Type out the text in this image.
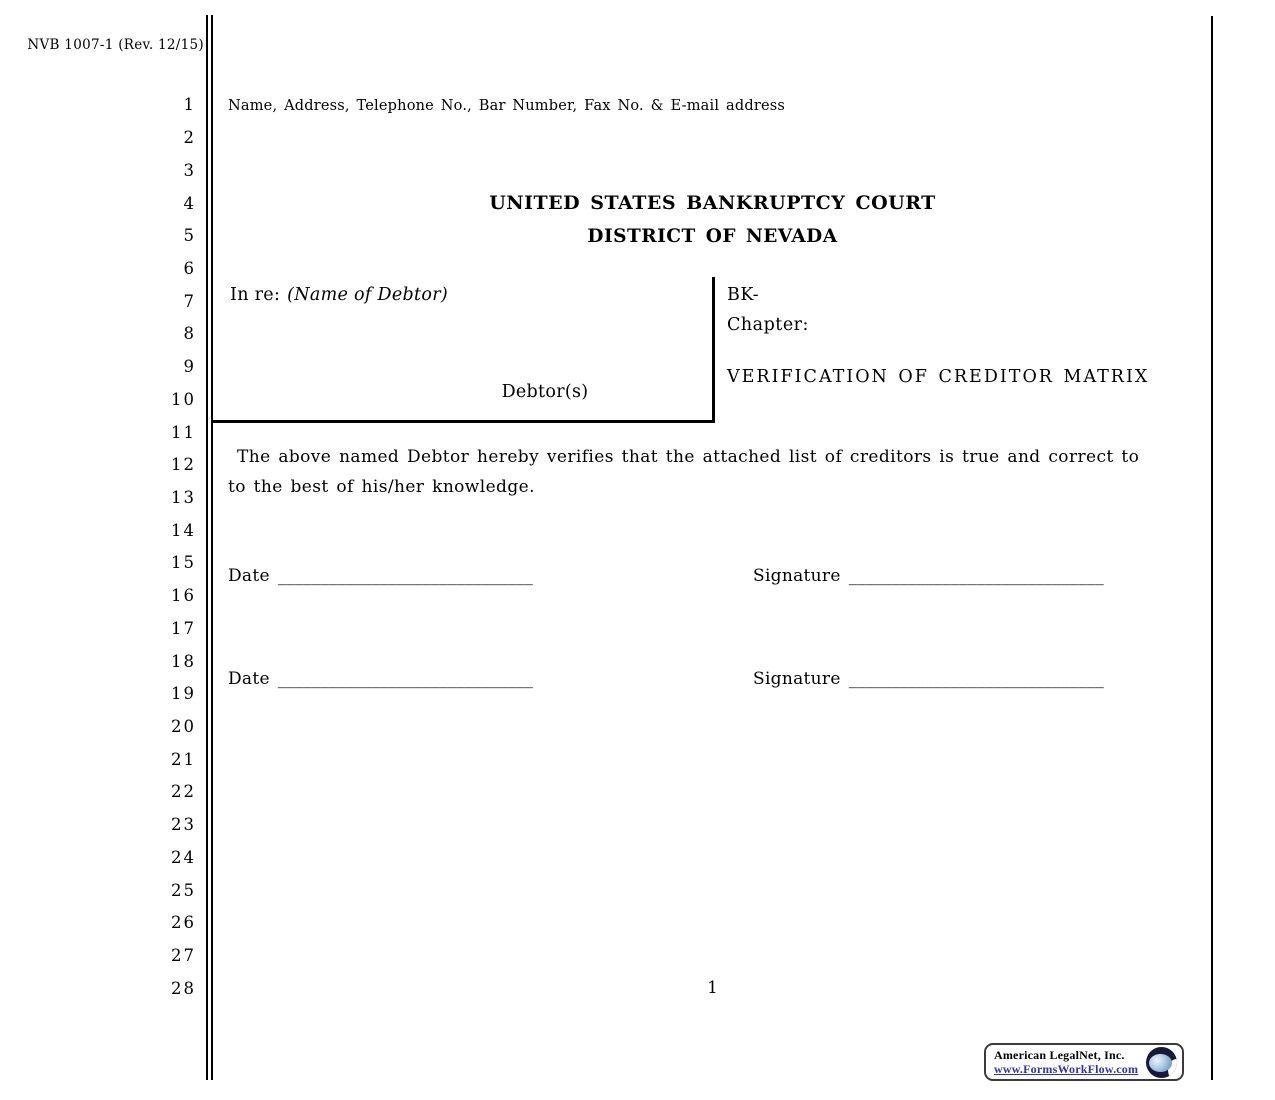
NVB 1007-1 (Rev. 12/15)
1
2
3
4
5
6
7
8
9
10
11
12
13
14
15
16
17
18
19
20
21
22
23
24
25
26
27
28
Name, Address, Telephone No., Bar Number, Fax No. & E-mail address
UNITED STATES BANKRUPTCY COURT
DISTRICT OF NEVADA
In re: (Name of Debtor)
Debtor(s)
BK-
Chapter:
VERIFICATION OF CREDITOR MATRIX
The above named Debtor hereby verifies that the attached list of creditors is true and correct to
to the best of his/her knowledge.
Date ______________________________	Signature ______________________________
Date ______________________________	Signature ______________________________
1
American LegalNet, Inc.
www.FormsWorkFlow.com
